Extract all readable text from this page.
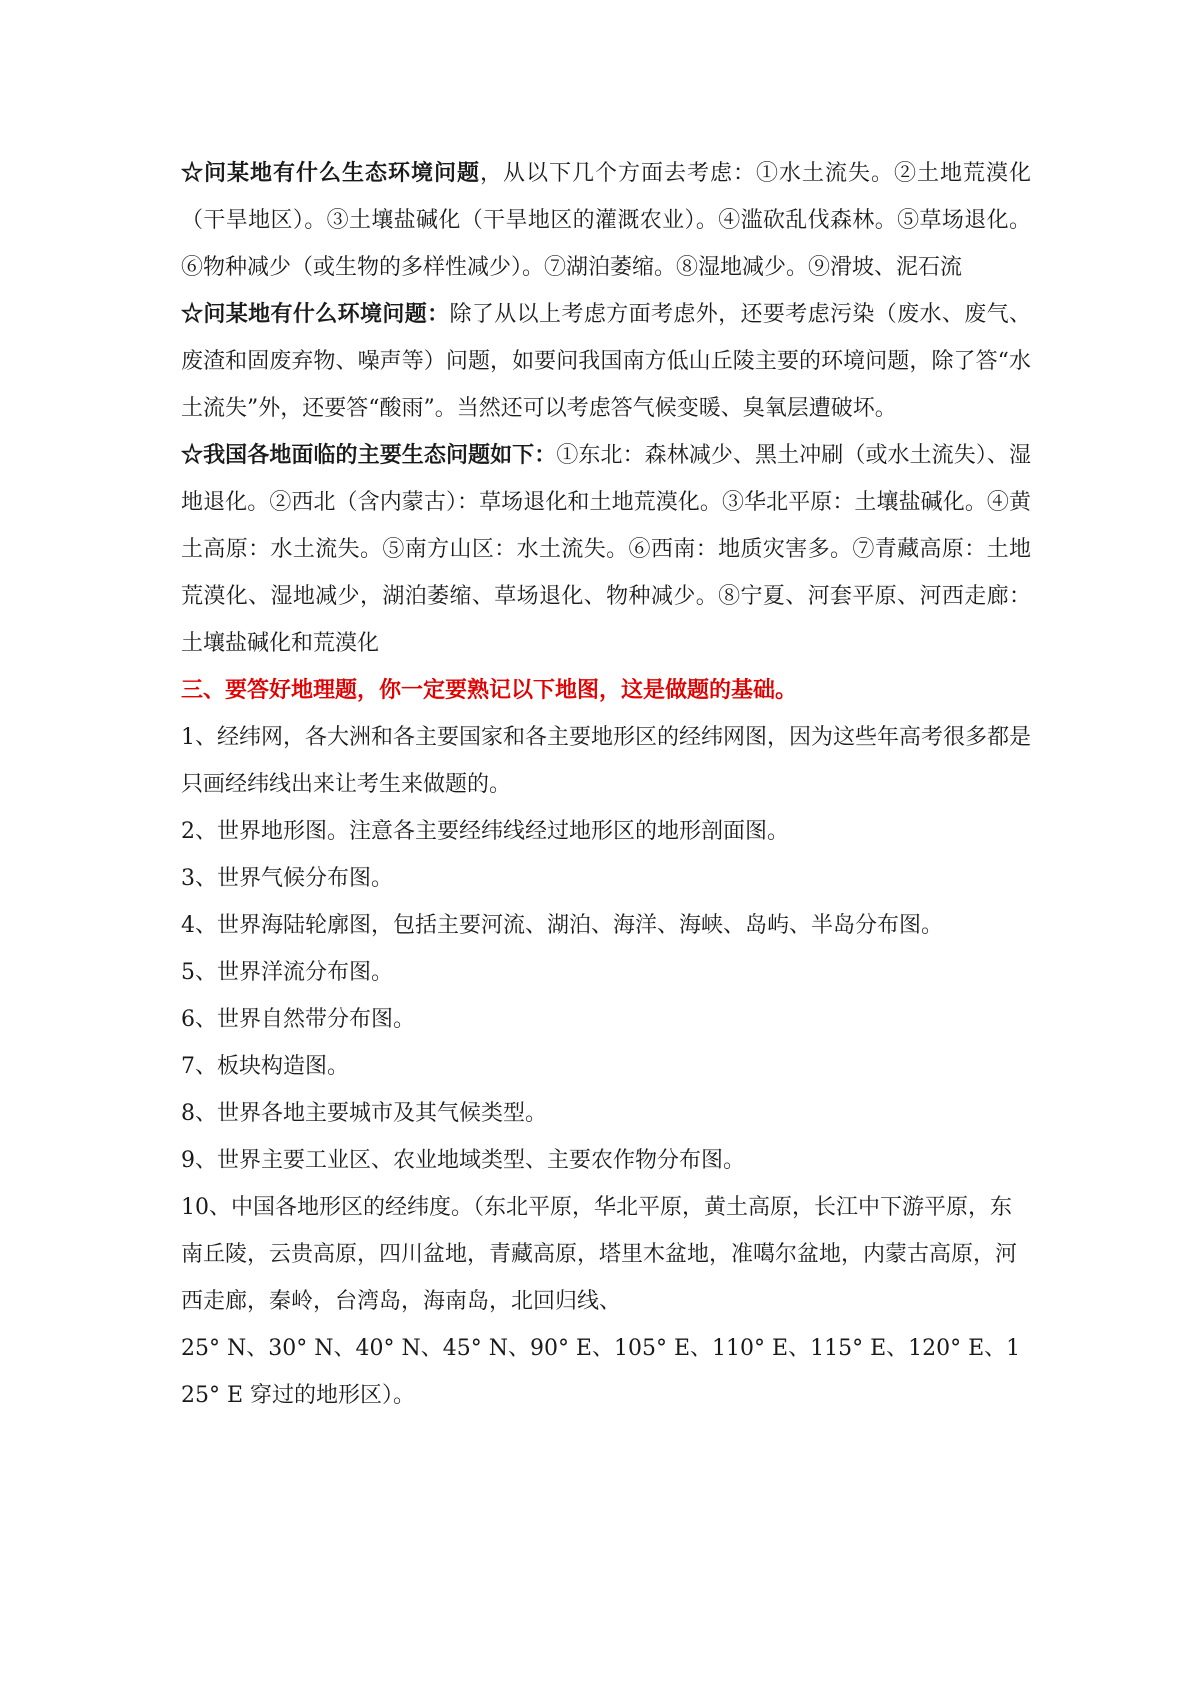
☆问某地有什么生态环境问题，从以下几个方面去考虑：①水土流失。②土地荒漠化（干旱地区）。③土壤盐碱化（干旱地区的灌溉农业）。④滥砍乱伐森林。⑤草场退化。⑥物种减少（或生物的多样性减少）。⑦湖泊萎缩。⑧湿地减少。⑨滑坡、泥石流

☆问某地有什么环境问题：除了从以上考虑方面考虑外，还要考虑污染（废水、废气、废渣和固废弃物、噪声等）问题，如要问我国南方低山丘陵主要的环境问题，除了答“水土流失”外，还要答“酸雨”。当然还可以考虑答气候变暖、臭氧层遭破坏。

☆我国各地面临的主要生态问题如下：①东北：森林减少、黑土冲刷（或水土流失）、湿地退化。②西北（含内蒙古）：草场退化和土地荒漠化。③华北平原：土壤盐碱化。④黄土高原：水土流失。⑤南方山区：水土流失。⑥西南：地质灾害多。⑦青藏高原：土地荒漠化、湿地减少，湖泊萎缩、草场退化、物种减少。⑧宁夏、河套平原、河西走廊：土壤盐碱化和荒漠化

三、要答好地理题，你一定要熟记以下地图，这是做题的基础。

1、经纬网，各大洲和各主要国家和各主要地形区的经纬网图，因为这些年高考很多都是只画经纬线出来让考生来做题的。

2、世界地形图。注意各主要经纬线经过地形区的地形剖面图。

3、世界气候分布图。

4、世界海陆轮廓图，包括主要河流、湖泊、海洋、海峡、岛屿、半岛分布图。

5、世界洋流分布图。

6、世界自然带分布图。

7、板块构造图。

8、世界各地主要城市及其气候类型。

9、世界主要工业区、农业地域类型、主要农作物分布图。

10、中国各地形区的经纬度。（东北平原，华北平原，黄土高原，长江中下游平原，东南丘陵，云贵高原，四川盆地，青藏高原，塔里木盆地，准噶尔盆地，内蒙古高原，河西走廊，秦岭，台湾岛，海南岛，北回归线、

25° N、30° N、40° N、45° N、90° E、105° E、110° E、115° E、120° E、125° E 穿过的地形区）。
